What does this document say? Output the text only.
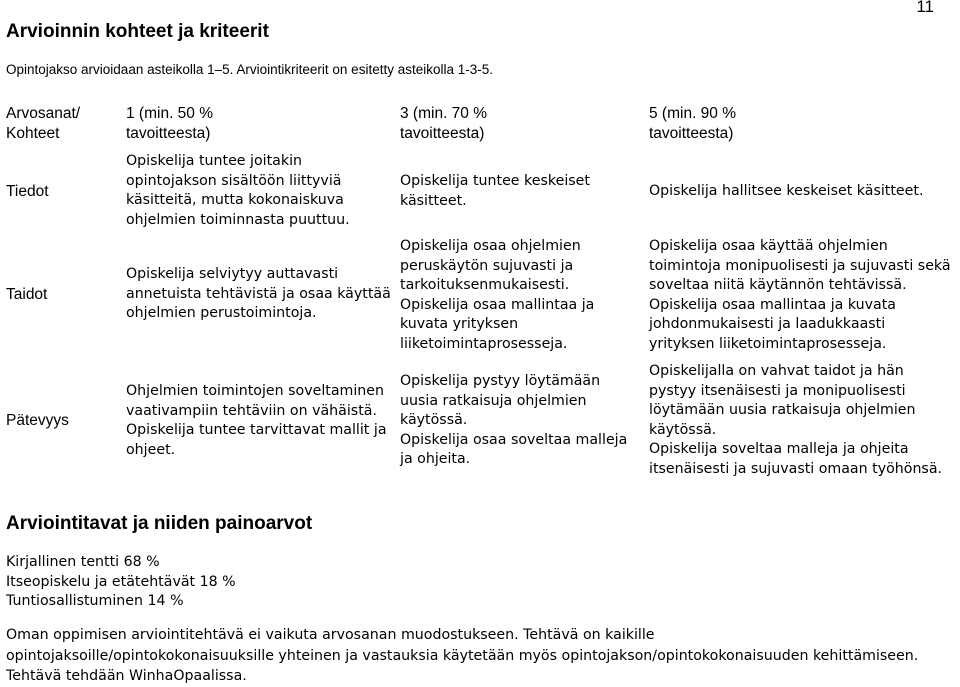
11
Arvioinnin kohteet ja kriteerit
Opintojakso arvioidaan asteikolla 1–5. Arviointikriteerit on esitetty asteikolla 1-3-5.
Arvosanat/
Kohteet
1 (min. 50 %
tavoitteesta)
3 (min. 70 %
tavoitteesta)
5 (min. 90 %
tavoitteesta)
Tiedot
Opiskelija tuntee joitakin
opintojakson sisältöön liittyviä
käsitteitä, mutta kokonaiskuva
ohjelmien toiminnasta puuttuu.
Opiskelija tuntee keskeiset
käsitteet.
Opiskelija hallitsee keskeiset käsitteet.
Taidot
Opiskelija selviytyy auttavasti
annetuista tehtävistä ja osaa käyttää
ohjelmien perustoimintoja.
Opiskelija osaa ohjelmien
peruskäytön sujuvasti ja
tarkoituksenmukaisesti.
Opiskelija osaa mallintaa ja
kuvata yrityksen
liiketoimintaprosesseja.
Opiskelija osaa käyttää ohjelmien
toimintoja monipuolisesti ja sujuvasti sekä
soveltaa niitä käytännön tehtävissä.
Opiskelija osaa mallintaa ja kuvata
johdonmukaisesti ja laadukkaasti
yrityksen liiketoimintaprosesseja.
Pätevyys
Ohjelmien toimintojen soveltaminen
vaativampiin tehtäviin on vähäistä.
Opiskelija tuntee tarvittavat mallit ja
ohjeet.
Opiskelija pystyy löytämään
uusia ratkaisuja ohjelmien
käytössä.
Opiskelija osaa soveltaa malleja
ja ohjeita.
Opiskelijalla on vahvat taidot ja hän
pystyy itsenäisesti ja monipuolisesti
löytämään uusia ratkaisuja ohjelmien
käytössä.
Opiskelija soveltaa malleja ja ohjeita
itsenäisesti ja sujuvasti omaan työhönsä.
Arviointitavat ja niiden painoarvot
Kirjallinen tentti 68 %
Itseopiskelu ja etätehtävät 18 %
Tuntiosallistuminen 14 %
Oman oppimisen arviointitehtävä ei vaikuta arvosanan muodostukseen. Tehtävä on kaikille
opintojaksoille/opintokokonaisuuksille yhteinen ja vastauksia käytetään myös opintojakson/opintokokonaisuuden kehittämiseen.
Tehtävä tehdään WinhaOpaalissa.
